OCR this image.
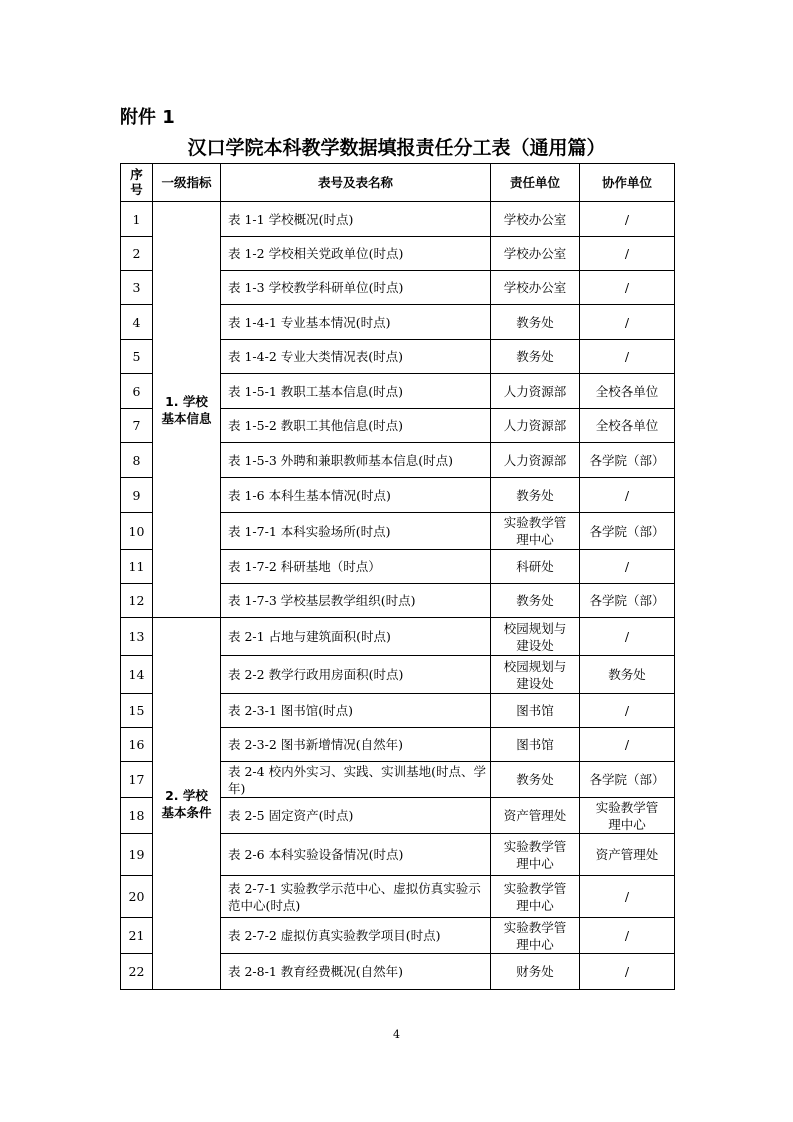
附件 1
汉口学院本科教学数据填报责任分工表（通用篇）
序号	一级指标	表号及表名称	责任单位	协作单位
1	1. 学校基本信息	表 1-1 学校概况(时点)	学校办公室	/

2		表 1-2 学校相关党政单位(时点)	学校办公室	/

3		表 1-3 学校教学科研单位(时点)	学校办公室	/

4		表 1-4-1 专业基本情况(时点)	教务处	/

5		表 1-4-2 专业大类情况表(时点)	教务处	/

6		表 1-5-1 教职工基本信息(时点)	人力资源部	全校各单位

7		表 1-5-2 教职工其他信息(时点)	人力资源部	全校各单位

8		表 1-5-3 外聘和兼职教师基本信息(时点)	人力资源部	各学院（部）

9		表 1-6 本科生基本情况(时点)	教务处	/

10		表 1-7-1 本科实验场所(时点)	实验教学管理中心	各学院（部）

11		表 1-7-2 科研基地（时点）	科研处	/

12		表 1-7-3 学校基层教学组织(时点)	教务处	各学院（部）

13	2. 学校基本条件	表 2-1 占地与建筑面积(时点)	校园规划与建设处	/

14		表 2-2 教学行政用房面积(时点)	校园规划与建设处	教务处

15		表 2-3-1 图书馆(时点)	图书馆	/

16		表 2-3-2 图书新增情况(自然年)	图书馆	/

17		表 2-4 校内外实习、实践、实训基地(时点、学年)	教务处	各学院（部）

18		表 2-5 固定资产(时点)	资产管理处	实验教学管理中心

19		表 2-6 本科实验设备情况(时点)	实验教学管理中心	资产管理处

20		表 2-7-1 实验教学示范中心、虚拟仿真实验示范中心(时点)	实验教学管理中心	/

21		表 2-7-2 虚拟仿真实验教学项目(时点)	实验教学管理中心	/

22		表 2-8-1 教育经费概况(自然年)	财务处	/
4
